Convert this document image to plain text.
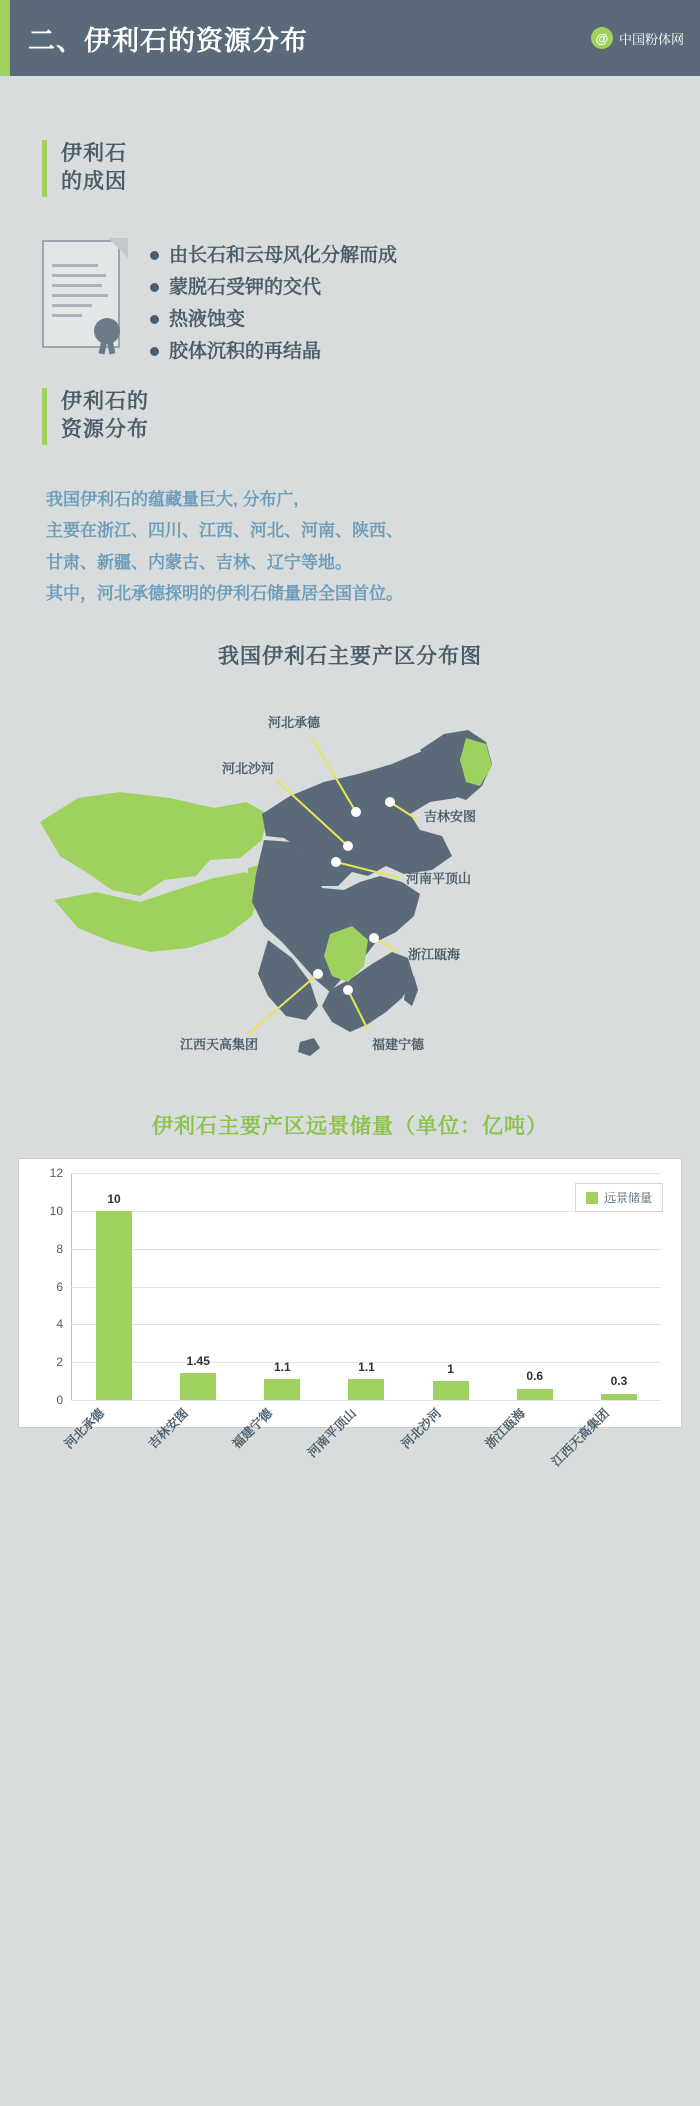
二、伊利石的资源分布	@ 中国粉体网
伊利石
的成因
由长石和云母风化分解而成
蒙脱石受钾的交代
热液蚀变
胶体沉积的再结晶
伊利石的
资源分布
我国伊利石的蕴藏量巨大, 分布广,
主要在浙江、四川、江西、河北、河南、陕西、
甘肃、新疆、内蒙古、吉林、辽宁等地。
其中，河北承德探明的伊利石储量居全国首位。
我国伊利石主要产区分布图
河北承德
河北沙河
吉林安图
河南平顶山
浙江瓯海
福建宁德
江西天高集团
伊利石主要产区远景储量（单位：亿吨）
12
10
8
6
4
2
0
10
1.45	1.1	1.1	1	0.6	0.3
远景储量
河北承德	吉林安图	福建宁德 河南平顶山	河北沙河	浙江瓯海 江西天高集团
